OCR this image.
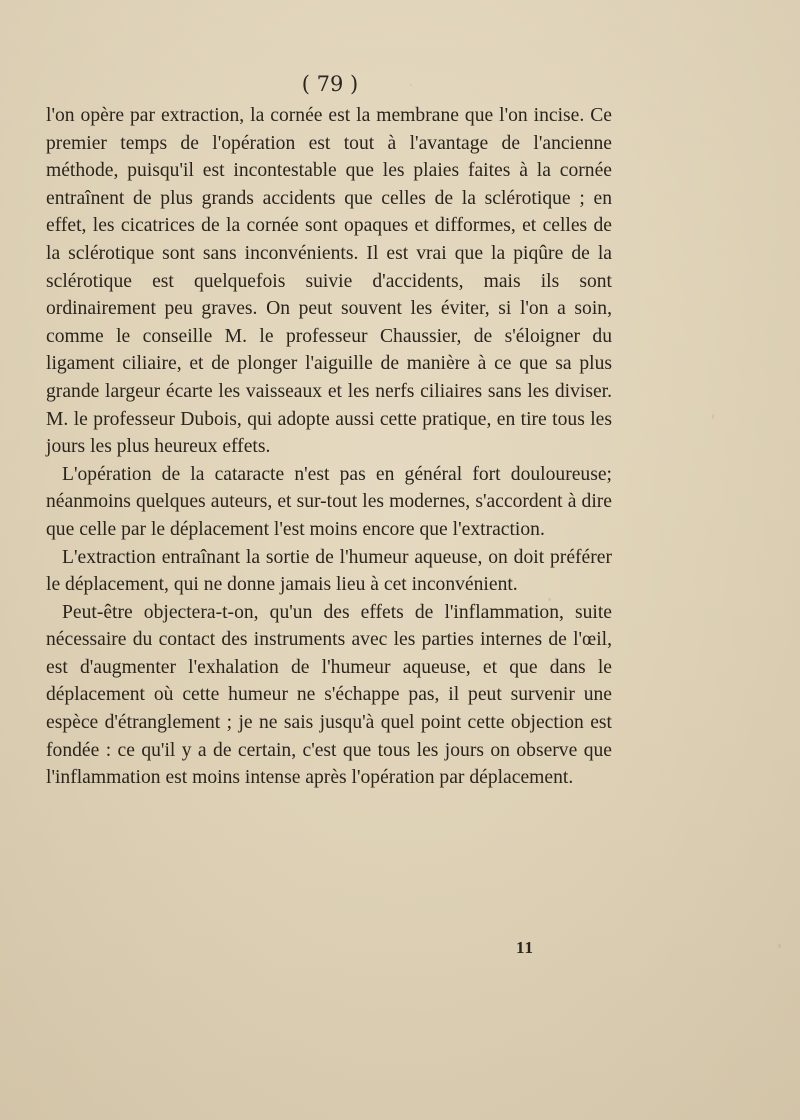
( 79 )

l'on opère par extraction, la cornée est la membrane que l'on incise. Ce premier temps de l'opération est tout à l'avantage de l'ancienne méthode, puisqu'il est incontestable que les plaies faites à la cornée entraînent de plus grands accidents que celles de la sclérotique ; en effet, les cicatrices de la cornée sont opaques et difformes, et celles de la sclérotique sont sans inconvénients. Il est vrai que la piqûre de la sclérotique est quelquefois suivie d'accidents, mais ils sont ordinairement peu graves. On peut souvent les éviter, si l'on a soin, comme le conseille M. le professeur Chaussier, de s'éloigner du ligament ciliaire, et de plonger l'aiguille de manière à ce que sa plus grande largeur écarte les vaisseaux et les nerfs ciliaires sans les diviser. M. le professeur Dubois, qui adopte aussi cette pratique, en tire tous les jours les plus heureux effets.

L'opération de la cataracte n'est pas en général fort douloureuse; néanmoins quelques auteurs, et sur-tout les modernes, s'accordent à dire que celle par le déplacement l'est moins encore que l'extraction.

L'extraction entraînant la sortie de l'humeur aqueuse, on doit préférer le déplacement, qui ne donne jamais lieu à cet inconvénient.

Peut-être objectera-t-on, qu'un des effets de l'inflammation, suite nécessaire du contact des instruments avec les parties internes de l'œil, est d'augmenter l'exhalation de l'humeur aqueuse, et que dans le déplacement où cette humeur ne s'échappe pas, il peut survenir une espèce d'étranglement ; je ne sais jusqu'à quel point cette objection est fondée : ce qu'il y a de certain, c'est que tous les jours on observe que l'inflammation est moins intense après l'opération par déplacement.

11
